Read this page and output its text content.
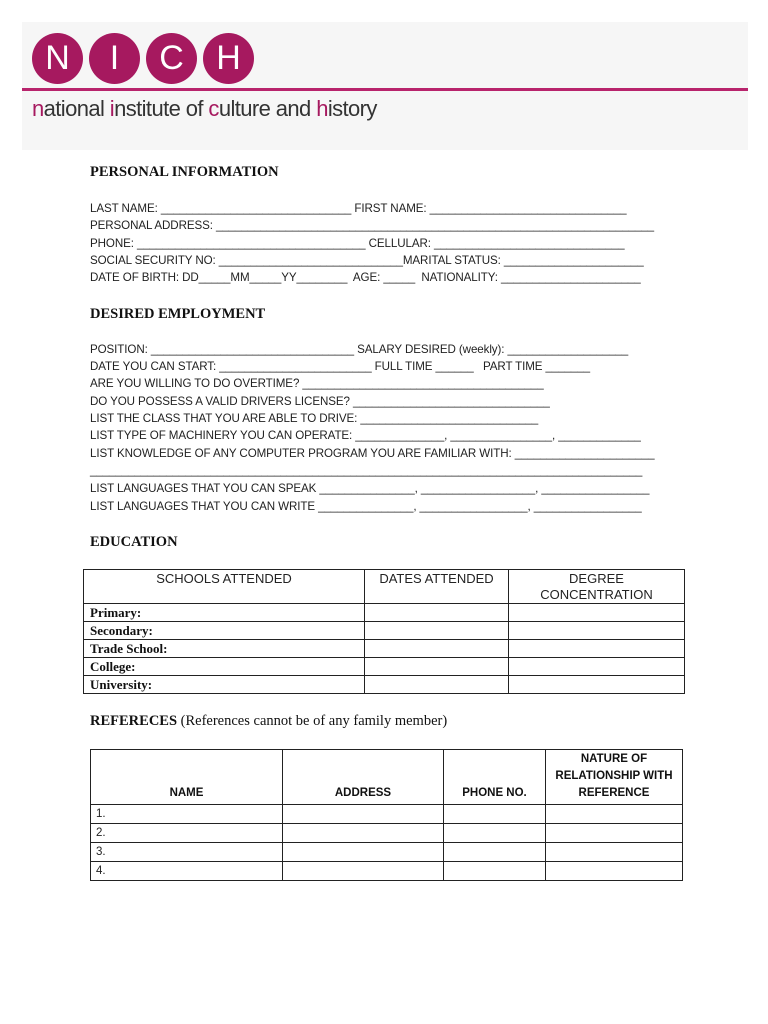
N	I	C H
national institute of culture and history
PERSONAL INFORMATION
LAST NAME: ______________________________ FIRST NAME: _______________________________
PERSONAL ADDRESS: _____________________________________________________________________
PHONE: ____________________________________ CELLULAR: ______________________________
SOCIAL SECURITY NO: _____________________________MARITAL STATUS: ______________________
DATE OF BIRTH: DD_____MM_____YY________  AGE: _____  NATIONALITY: ______________________
DESIRED EMPLOYMENT
POSITION: ________________________________ SALARY DESIRED (weekly): ___________________
DATE YOU CAN START: ________________________ FULL TIME ______   PART TIME _______
ARE YOU WILLING TO DO OVERTIME? ______________________________________
DO YOU POSSESS A VALID DRIVERS LICENSE? _______________________________
LIST THE CLASS THAT YOU ARE ABLE TO DRIVE: ____________________________
LIST TYPE OF MACHINERY YOU CAN OPERATE: ______________, ________________, _____________
LIST KNOWLEDGE OF ANY COMPUTER PROGRAM YOU ARE FAMILIAR WITH: ______________________
_______________________________________________________________________________________
LIST LANGUAGES THAT YOU CAN SPEAK _______________, __________________, _________________
LIST LANGUAGES THAT YOU CAN WRITE _______________, _________________, _________________
EDUCATION
SCHOOLS ATTENDED	DATES ATTENDED	DEGREE CONCENTRATION
Primary:		
Secondary:		
Trade School:		
College:		
University:		
REFERECES (References cannot be of any family member)
NAME	ADDRESS	PHONE NO.	NATURE OF RELATIONSHIP WITH REFERENCE
1.			
2.			
3.			
4.			
